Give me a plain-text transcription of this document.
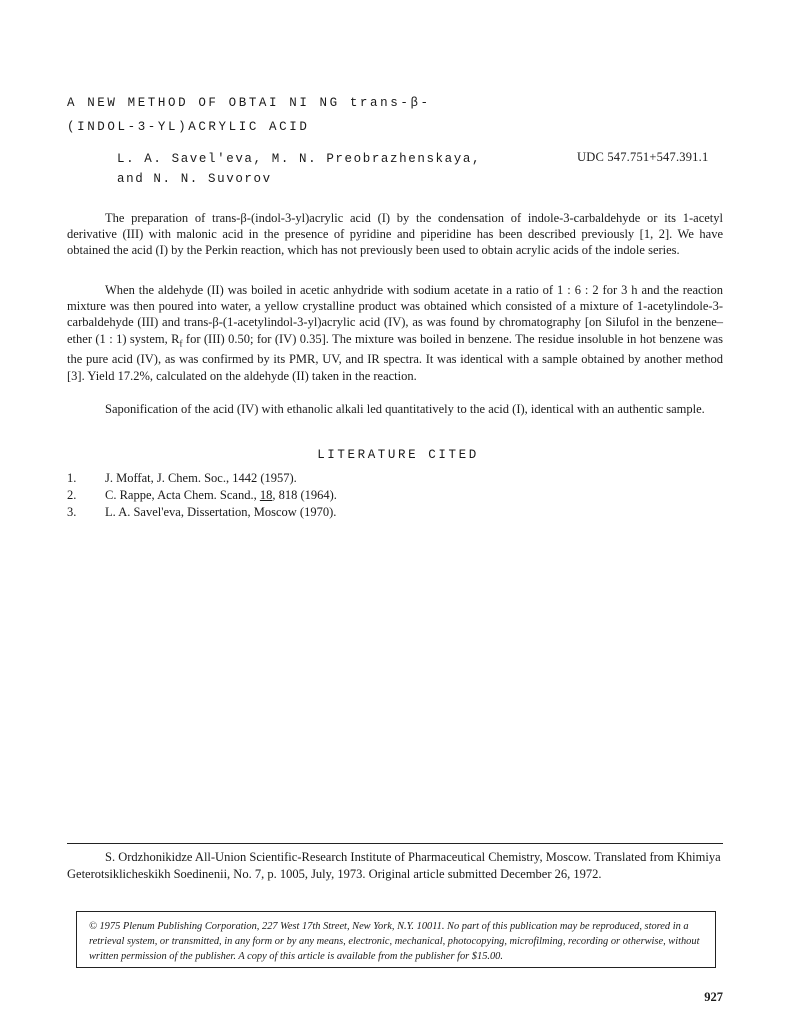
A NEW METHOD OF OBTAI NI NG trans-β-
(INDOL-3-YL)ACRYLIC ACID
L. A. Savel'eva, M. N. Preobrazhenskaya,
and N. N. Suvorov
UDC 547.751+547.391.1

The preparation of trans-β-(indol-3-yl)acrylic acid (I) by the condensation of indole-3-carbaldehyde or its 1-acetyl derivative (III) with malonic acid in the presence of pyridine and piperidine has been described previously [1, 2]. We have obtained the acid (I) by the Perkin reaction, which has not previously been used to obtain acrylic acids of the indole series.

When the aldehyde (II) was boiled in acetic anhydride with sodium acetate in a ratio of 1 : 6 : 2 for 3 h and the reaction mixture was then poured into water, a yellow crystalline product was obtained which consisted of a mixture of 1-acetylindole-3-carbaldehyde (III) and trans-β-(1-acetylindol-3-yl)acrylic acid (IV), as was found by chromatography [on Silufol in the benzene–ether (1 : 1) system, $R_f$ for (III) 0.50; for (IV) 0.35]. The mixture was boiled in benzene. The residue insoluble in hot benzene was the pure acid (IV), as was confirmed by its PMR, UV, and IR spectra. It was identical with a sample obtained by another method [3]. Yield 17.2%, calculated on the aldehyde (II) taken in the reaction.

Saponification of the acid (IV) with ethanolic alkali led quantitatively to the acid (I), identical with an authentic sample.

LITERATURE CITED
1.	J. Moffat, J. Chem. Soc., 1442 (1957).
2.	C. Rappe, Acta Chem. Scand., 18, 818 (1964).
3.	L. A. Savel'eva, Dissertation, Moscow (1970).
S. Ordzhonikidze All-Union Scientific-Research Institute of Pharmaceutical Chemistry, Moscow. Translated from Khimiya Geterotsiklicheskikh Soedinenii, No. 7, p. 1005, July, 1973. Original article submitted December 26, 1972.
© 1975 Plenum Publishing Corporation, 227 West 17th Street, New York, N.Y. 10011. No part of this publication may be reproduced, stored in a retrieval system, or transmitted, in any form or by any means, electronic, mechanical, photocopying, microfilming, recording or otherwise, without written permission of the publisher. A copy of this article is available from the publisher for $15.00.
927
